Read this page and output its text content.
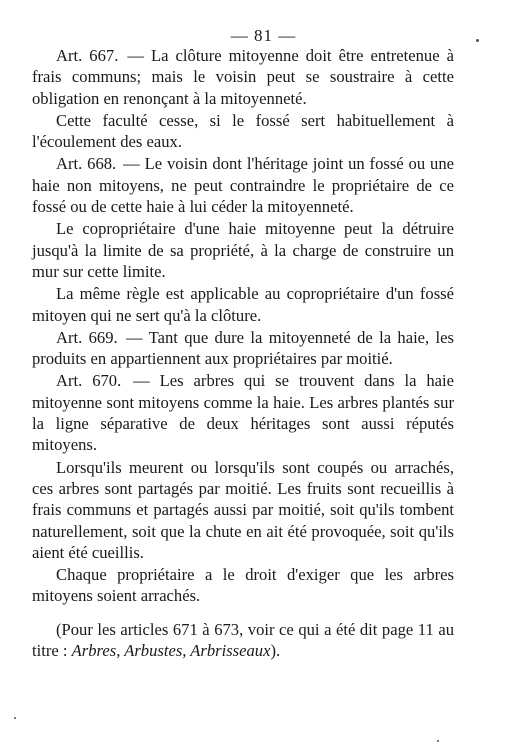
— 81 —

Art. 667. — La clôture mitoyenne doit être entretenue à frais communs; mais le voisin peut se soustraire à cette obligation en renonçant à la mitoyenneté.

Cette faculté cesse, si le fossé sert habituellement à l'écoulement des eaux.

Art. 668. — Le voisin dont l'héritage joint un fossé ou une haie non mitoyens, ne peut contraindre le propriétaire de ce fossé ou de cette haie à lui céder la mitoyenneté.

Le copropriétaire d'une haie mitoyenne peut la détruire jusqu'à la limite de sa propriété, à la charge de construire un mur sur cette limite.

La même règle est applicable au copropriétaire d'un fossé mitoyen qui ne sert qu'à la clôture.

Art. 669. — Tant que dure la mitoyenneté de la haie, les produits en appartiennent aux propriétaires par moitié.

Art. 670. — Les arbres qui se trouvent dans la haie mitoyenne sont mitoyens comme la haie. Les arbres plantés sur la ligne séparative de deux héritages sont aussi réputés mitoyens.

Lorsqu'ils meurent ou lorsqu'ils sont coupés ou arrachés, ces arbres sont partagés par moitié. Les fruits sont recueillis à frais communs et partagés aussi par moitié, soit qu'ils tombent naturellement, soit que la chute en ait été provoquée, soit qu'ils aient été cueillis.

Chaque propriétaire a le droit d'exiger que les arbres mitoyens soient arrachés.

(Pour les articles 671 à 673, voir ce qui a été dit page 11 au titre : Arbres, Arbustes, Arbrisseaux).
